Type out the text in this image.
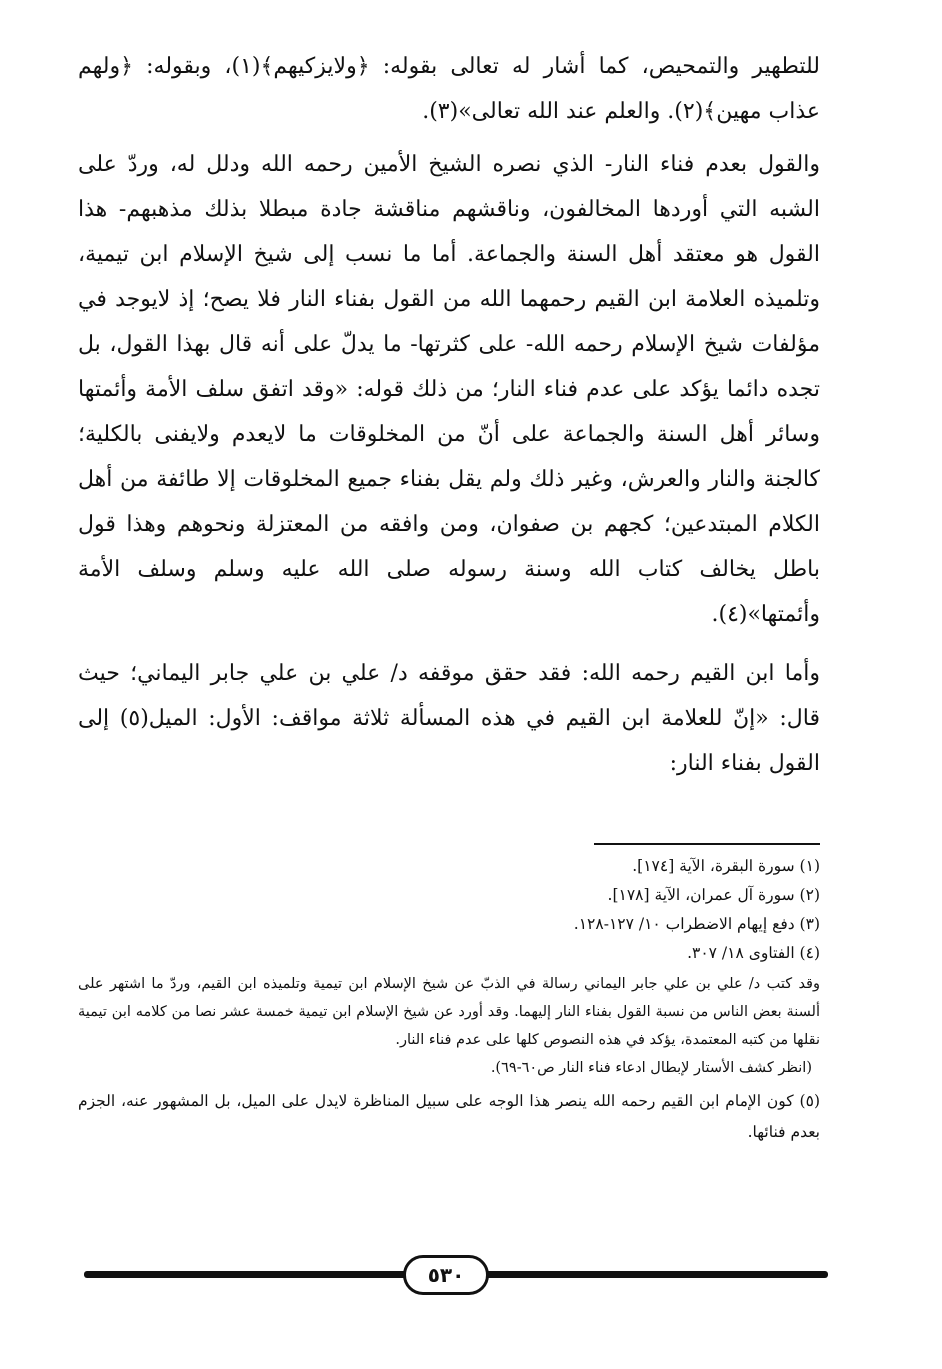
للتطهير والتمحيص، كما أشار له تعالى بقوله: ﴿ولايزكيهم﴾(١)، وبقوله: ﴿ولهم عذاب مهين﴾(٢). والعلم عند الله تعالى»(٣).

والقول بعدم فناء النار- الذي نصره الشيخ الأمين رحمه الله ودلل له، وردّ على الشبه التي أوردها المخالفون، وناقشهم مناقشة جادة مبطلا بذلك مذهبهم- هذا القول هو معتقد أهل السنة والجماعة. أما ما نسب إلى شيخ الإسلام ابن تيمية، وتلميذه العلامة ابن القيم رحمهما الله من القول بفناء النار فلا يصح؛ إذ لايوجد في مؤلفات شيخ الإسلام رحمه الله- على كثرتها- ما يدلّ على أنه قال بهذا القول، بل تجده دائما يؤكد على عدم فناء النار؛ من ذلك قوله: «وقد اتفق سلف الأمة وأئمتها وسائر أهل السنة والجماعة على أنّ من المخلوقات ما لايعدم ولايفنى بالكلية؛ كالجنة والنار والعرش، وغير ذلك ولم يقل بفناء جميع المخلوقات إلا طائفة من أهل الكلام المبتدعين؛ كجهم بن صفوان، ومن وافقه من المعتزلة ونحوهم وهذا قول باطل يخالف كتاب الله وسنة رسوله صلى الله عليه وسلم وسلف الأمة وأئمتها»(٤).

وأما ابن القيم رحمه الله: فقد حقق موقفه د/ علي بن علي جابر اليماني؛ حيث قال: «إنّ للعلامة ابن القيم في هذه المسألة ثلاثة مواقف: الأول: الميل(٥) إلى القول بفناء النار:

(١) سورة البقرة، الآية [١٧٤].

(٢) سورة آل عمران، الآية [١٧٨].

(٣) دفع إيهام الاضطراب ١٠/ ١٢٧-١٢٨.

(٤) الفتاوى ١٨/ ٣٠٧.

وقد كتب د/ علي بن علي جابر اليماني رسالة في الذبّ عن شيخ الإسلام ابن تيمية وتلميذه ابن القيم، وردّ ما اشتهر على ألسنة بعض الناس من نسبة القول بفناء النار إليهما. وقد أورد عن شيخ الإسلام ابن تيمية خمسة عشر نصا من كلامه ابن تيمية نقلها من كتبه المعتمدة، يؤكد في هذه النصوص كلها على عدم فناء النار.

(انظر كشف الأستار لإبطال ادعاء فناء النار ص٦٠-٦٩).

(٥) كون الإمام ابن القيم رحمه الله ينصر هذا الوجه على سبيل المناظرة لايدل على الميل، بل المشهور عنه، الجزم بعدم فنائها.

٥٣٠
